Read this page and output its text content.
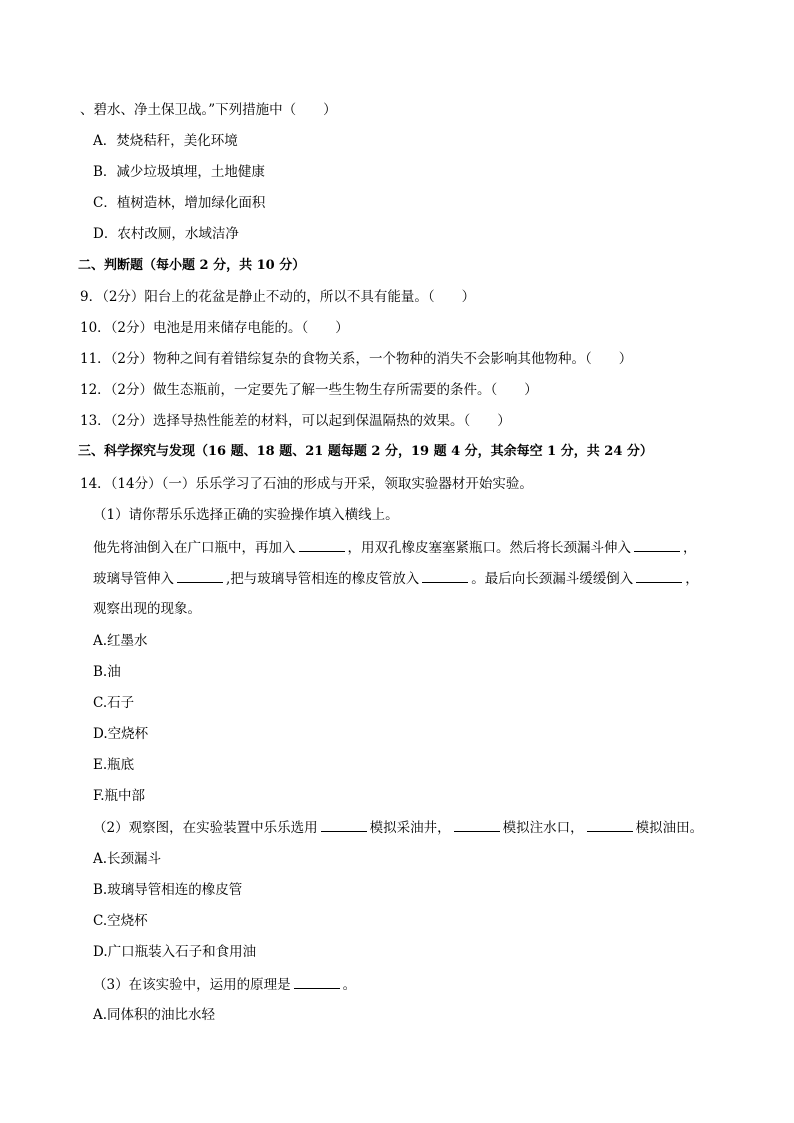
、碧水、净土保卫战。”下列措施中（　　）
A．焚烧秸秆，美化环境
B．减少垃圾填埋，土地健康
C．植树造林，增加绿化面积
D．农村改厕，水域洁净
二、判断题（每小题 2 分，共 10 分）
9．（2分）阳台上的花盆是静止不动的，所以不具有能量。（　　）
10．（2分）电池是用来储存电能的。（　　）
11．（2分）物种之间有着错综复杂的食物关系，一个物种的消失不会影响其他物种。（　　）
12．（2分）做生态瓶前，一定要先了解一些生物生存所需要的条件。（　　）
13．（2分）选择导热性能差的材料，可以起到保温隔热的效果。（　　）
三、科学探究与发现（16 题、18 题、21 题每题 2 分，19 题 4 分，其余每空 1 分，共 24 分）
14．（14分）（一）乐乐学习了石油的形成与开采，领取实验器材开始实验。
（1）请你帮乐乐选择正确的实验操作填入横线上。
他先将油倒入在广口瓶中，再加入	，用双孔橡皮塞塞紧瓶口。然后将长颈漏斗伸入	，
玻璃导管伸入	,把与玻璃导管相连的橡皮管放入	。最后向长颈漏斗缓缓倒入	，
观察出现的现象。
A.红墨水
B.油
C.石子
D.空烧杯
E.瓶底
F.瓶中部
（2）观察图，在实验装置中乐乐选用	模拟采油井，	模拟注水口，	模拟油田。
A.长颈漏斗
B.玻璃导管相连的橡皮管
C.空烧杯
D.广口瓶装入石子和食用油
（3）在该实验中，运用的原理是	。
A.同体积的油比水轻
